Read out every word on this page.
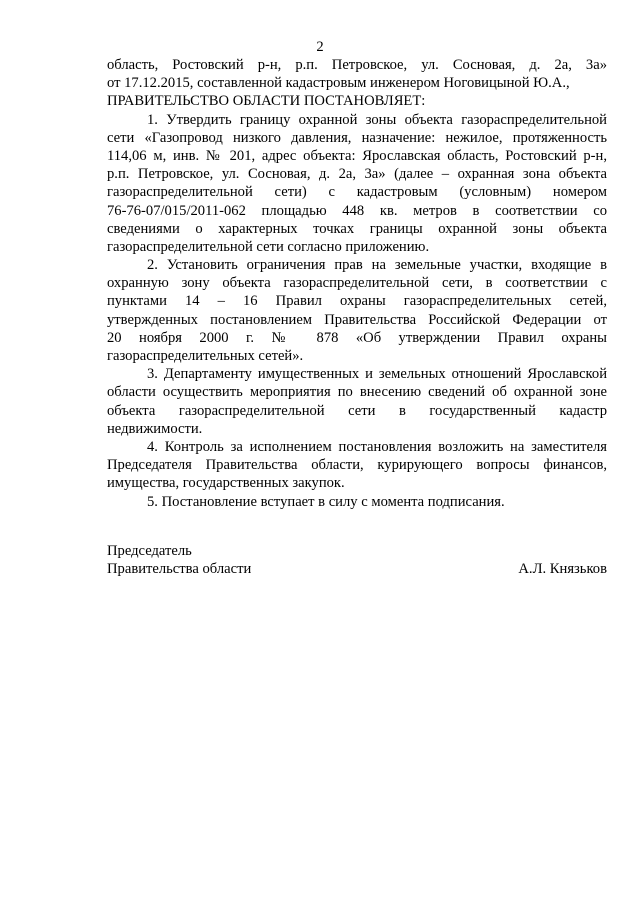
2
область, Ростовский р-н, р.п. Петровское, ул. Сосновая, д. 2а, 3а»
от 17.12.2015, составленной кадастровым инженером Ноговицыной Ю.А.,
ПРАВИТЕЛЬСТВО ОБЛАСТИ ПОСТАНОВЛЯЕТ:
1. Утвердить границу охранной зоны объекта газораспределительной
сети «Газопровод низкого давления, назначение: нежилое, протяженность
114,06 м, инв. № 201, адрес объекта: Ярославская область, Ростовский р-н,
р.п. Петровское, ул. Сосновая, д. 2а, 3а» (далее – охранная зона объекта
газораспределительной сети) с кадастровым (условным) номером
76-76-07/015/2011-062 площадью 448 кв. метров в соответствии со
сведениями о характерных точках границы охранной зоны объекта
газораспределительной сети согласно приложению.
2. Установить ограничения прав на земельные участки, входящие в
охранную зону объекта газораспределительной сети, в соответствии с
пунктами 14 – 16 Правил охраны газораспределительных сетей,
утвержденных постановлением Правительства Российской Федерации от
20 ноября 2000 г. № 878 «Об утверждении Правил охраны
газораспределительных сетей».
3. Департаменту имущественных и земельных отношений Ярославской
области осуществить мероприятия по внесению сведений об охранной зоне
объекта газораспределительной сети в государственный кадастр
недвижимости.
4. Контроль за исполнением постановления возложить на заместителя
Председателя Правительства области, курирующего вопросы финансов,
имущества, государственных закупок.
5. Постановление вступает в силу с момента подписания.
Председатель
Правительства области	А.Л. Князьков
